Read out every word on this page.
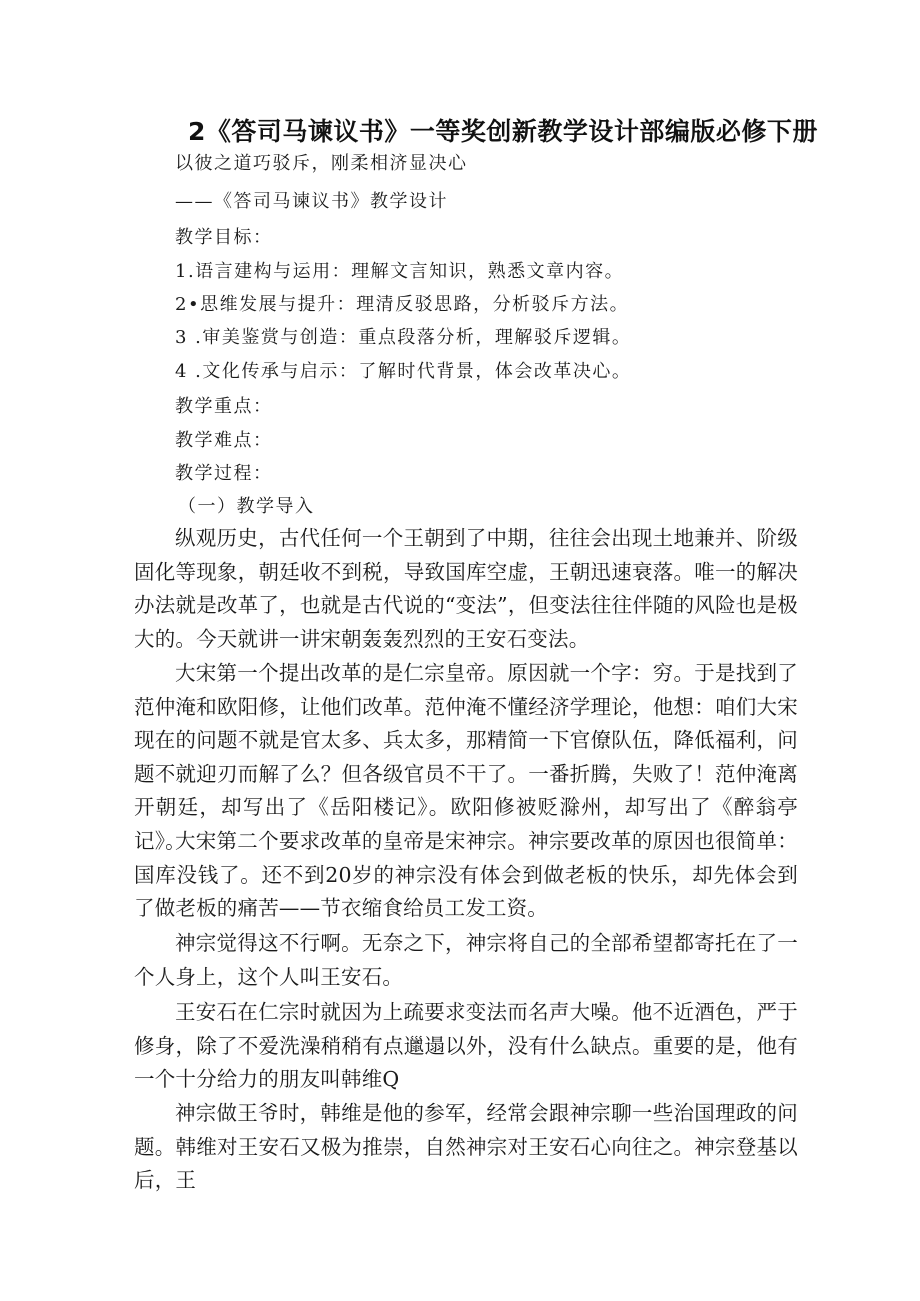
2《答司马谏议书》一等奖创新教学设计部编版必修下册
以彼之道巧驳斥，刚柔相济显决心
——《答司马谏议书》教学设计
教学目标：
1.语言建构与运用：理解文言知识，熟悉文章内容。
2•思维发展与提升：理清反驳思路，分析驳斥方法。
3 .审美鉴赏与创造：重点段落分析，理解驳斥逻辑。
4 .文化传承与启示：了解时代背景，体会改革决心。
教学重点：
教学难点：
教学过程：
（一）教学导入

纵观历史，古代任何一个王朝到了中期，往往会出现土地兼并、阶级固化等现象，朝廷收不到税，导致国库空虚，王朝迅速衰落。唯一的解决办法就是改革了，也就是古代说的“变法”，但变法往往伴随的风险也是极大的。今天就讲一讲宋朝轰轰烈烈的王安石变法。

大宋第一个提出改革的是仁宗皇帝。原因就一个字：穷。于是找到了范仲淹和欧阳修，让他们改革。范仲淹不懂经济学理论，他想：咱们大宋现在的问题不就是官太多、兵太多，那精简一下官僚队伍，降低福利，问题不就迎刃而解了么？但各级官员不干了。一番折腾，失败了！范仲淹离开朝廷，却写出了《岳阳楼记》。欧阳修被贬滁州，却写出了《醉翁亭记》。

大宋第二个要求改革的皇帝是宋神宗。神宗要改革的原因也很简单：国库没钱了。还不到20岁的神宗没有体会到做老板的快乐，却先体会到了做老板的痛苦——节衣缩食给员工发工资。

神宗觉得这不行啊。无奈之下，神宗将自己的全部希望都寄托在了一个人身上，这个人叫王安石。

王安石在仁宗时就因为上疏要求变法而名声大噪。他不近酒色，严于修身，除了不爱洗澡稍稍有点邋遢以外，没有什么缺点。重要的是，他有一个十分给力的朋友叫韩维Q

神宗做王爷时，韩维是他的参军，经常会跟神宗聊一些治国理政的问题。韩维对王安石又极为推崇，自然神宗对王安石心向往之。神宗登基以后，王
